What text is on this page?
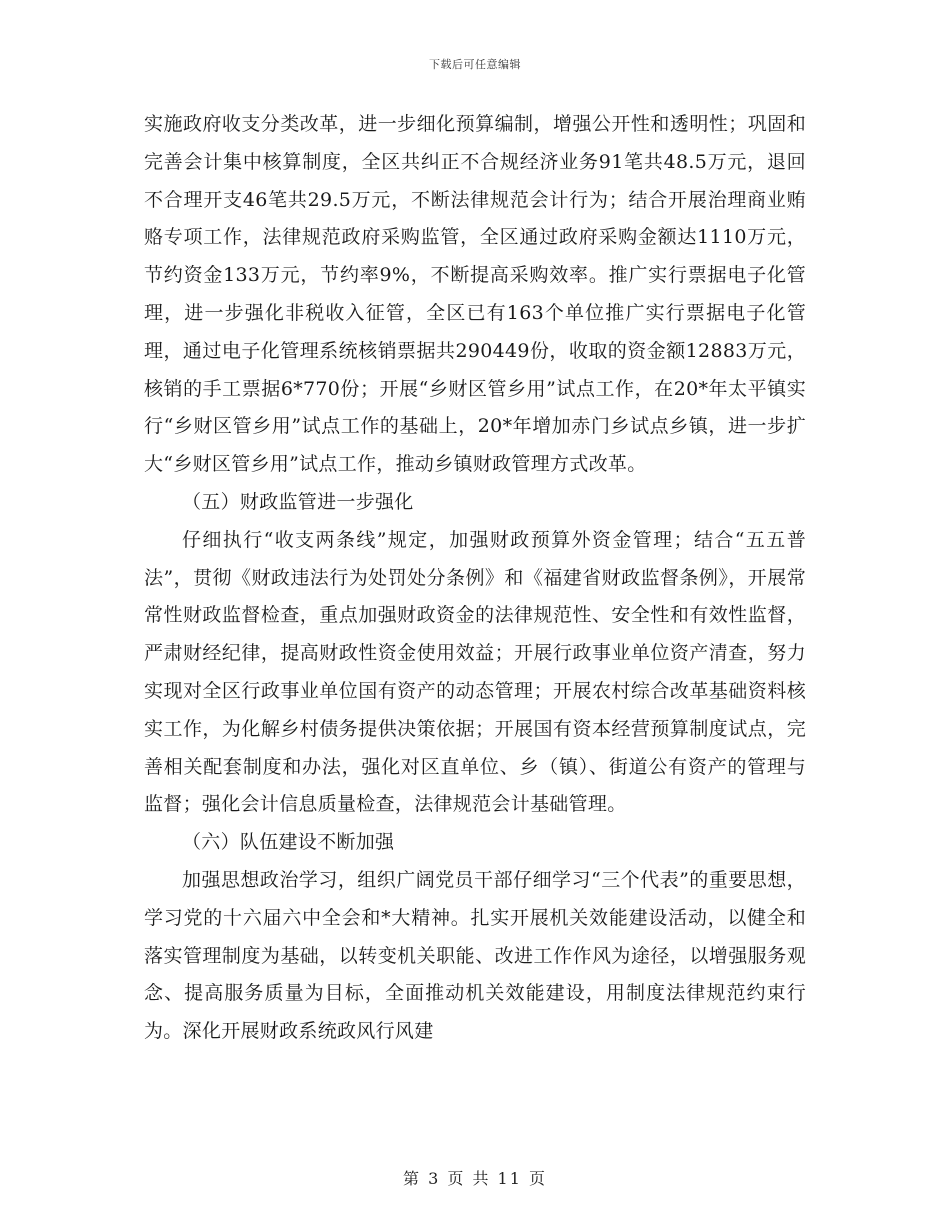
下载后可任意编辑

实施政府收支分类改革，进一步细化预算编制，增强公开性和透明性；巩固和完善会计集中核算制度，全区共纠正不合规经济业务91笔共48.5万元，退回不合理开支46笔共29.5万元，不断法律规范会计行为；结合开展治理商业贿赂专项工作，法律规范政府采购监管，全区通过政府采购金额达1110万元，节约资金133万元，节约率9%，不断提高采购效率。推广实行票据电子化管理，进一步强化非税收入征管，全区已有163个单位推广实行票据电子化管理，通过电子化管理系统核销票据共290449份，收取的资金额12883万元，核销的手工票据6*770份；开展“乡财区管乡用”试点工作，在20*年太平镇实行“乡财区管乡用”试点工作的基础上，20*年增加赤门乡试点乡镇，进一步扩大“乡财区管乡用”试点工作，推动乡镇财政管理方式改革。

（五）财政监管进一步强化

仔细执行“收支两条线”规定，加强财政预算外资金管理；结合“五五普法”，贯彻《财政违法行为处罚处分条例》和《福建省财政监督条例》，开展常常性财政监督检查，重点加强财政资金的法律规范性、安全性和有效性监督，严肃财经纪律，提高财政性资金使用效益；开展行政事业单位资产清查，努力实现对全区行政事业单位国有资产的动态管理；开展农村综合改革基础资料核实工作，为化解乡村债务提供决策依据；开展国有资本经营预算制度试点，完善相关配套制度和办法，强化对区直单位、乡（镇）、街道公有资产的管理与监督；强化会计信息质量检查，法律规范会计基础管理。

（六）队伍建设不断加强

加强思想政治学习，组织广阔党员干部仔细学习“三个代表”的重要思想，学习党的十六届六中全会和*大精神。扎实开展机关效能建设活动，以健全和落实管理制度为基础，以转变机关职能、改进工作作风为途径，以增强服务观念、提高服务质量为目标，全面推动机关效能建设，用制度法律规范约束行为。深化开展财政系统政风行风建

第 3 页 共 11 页
